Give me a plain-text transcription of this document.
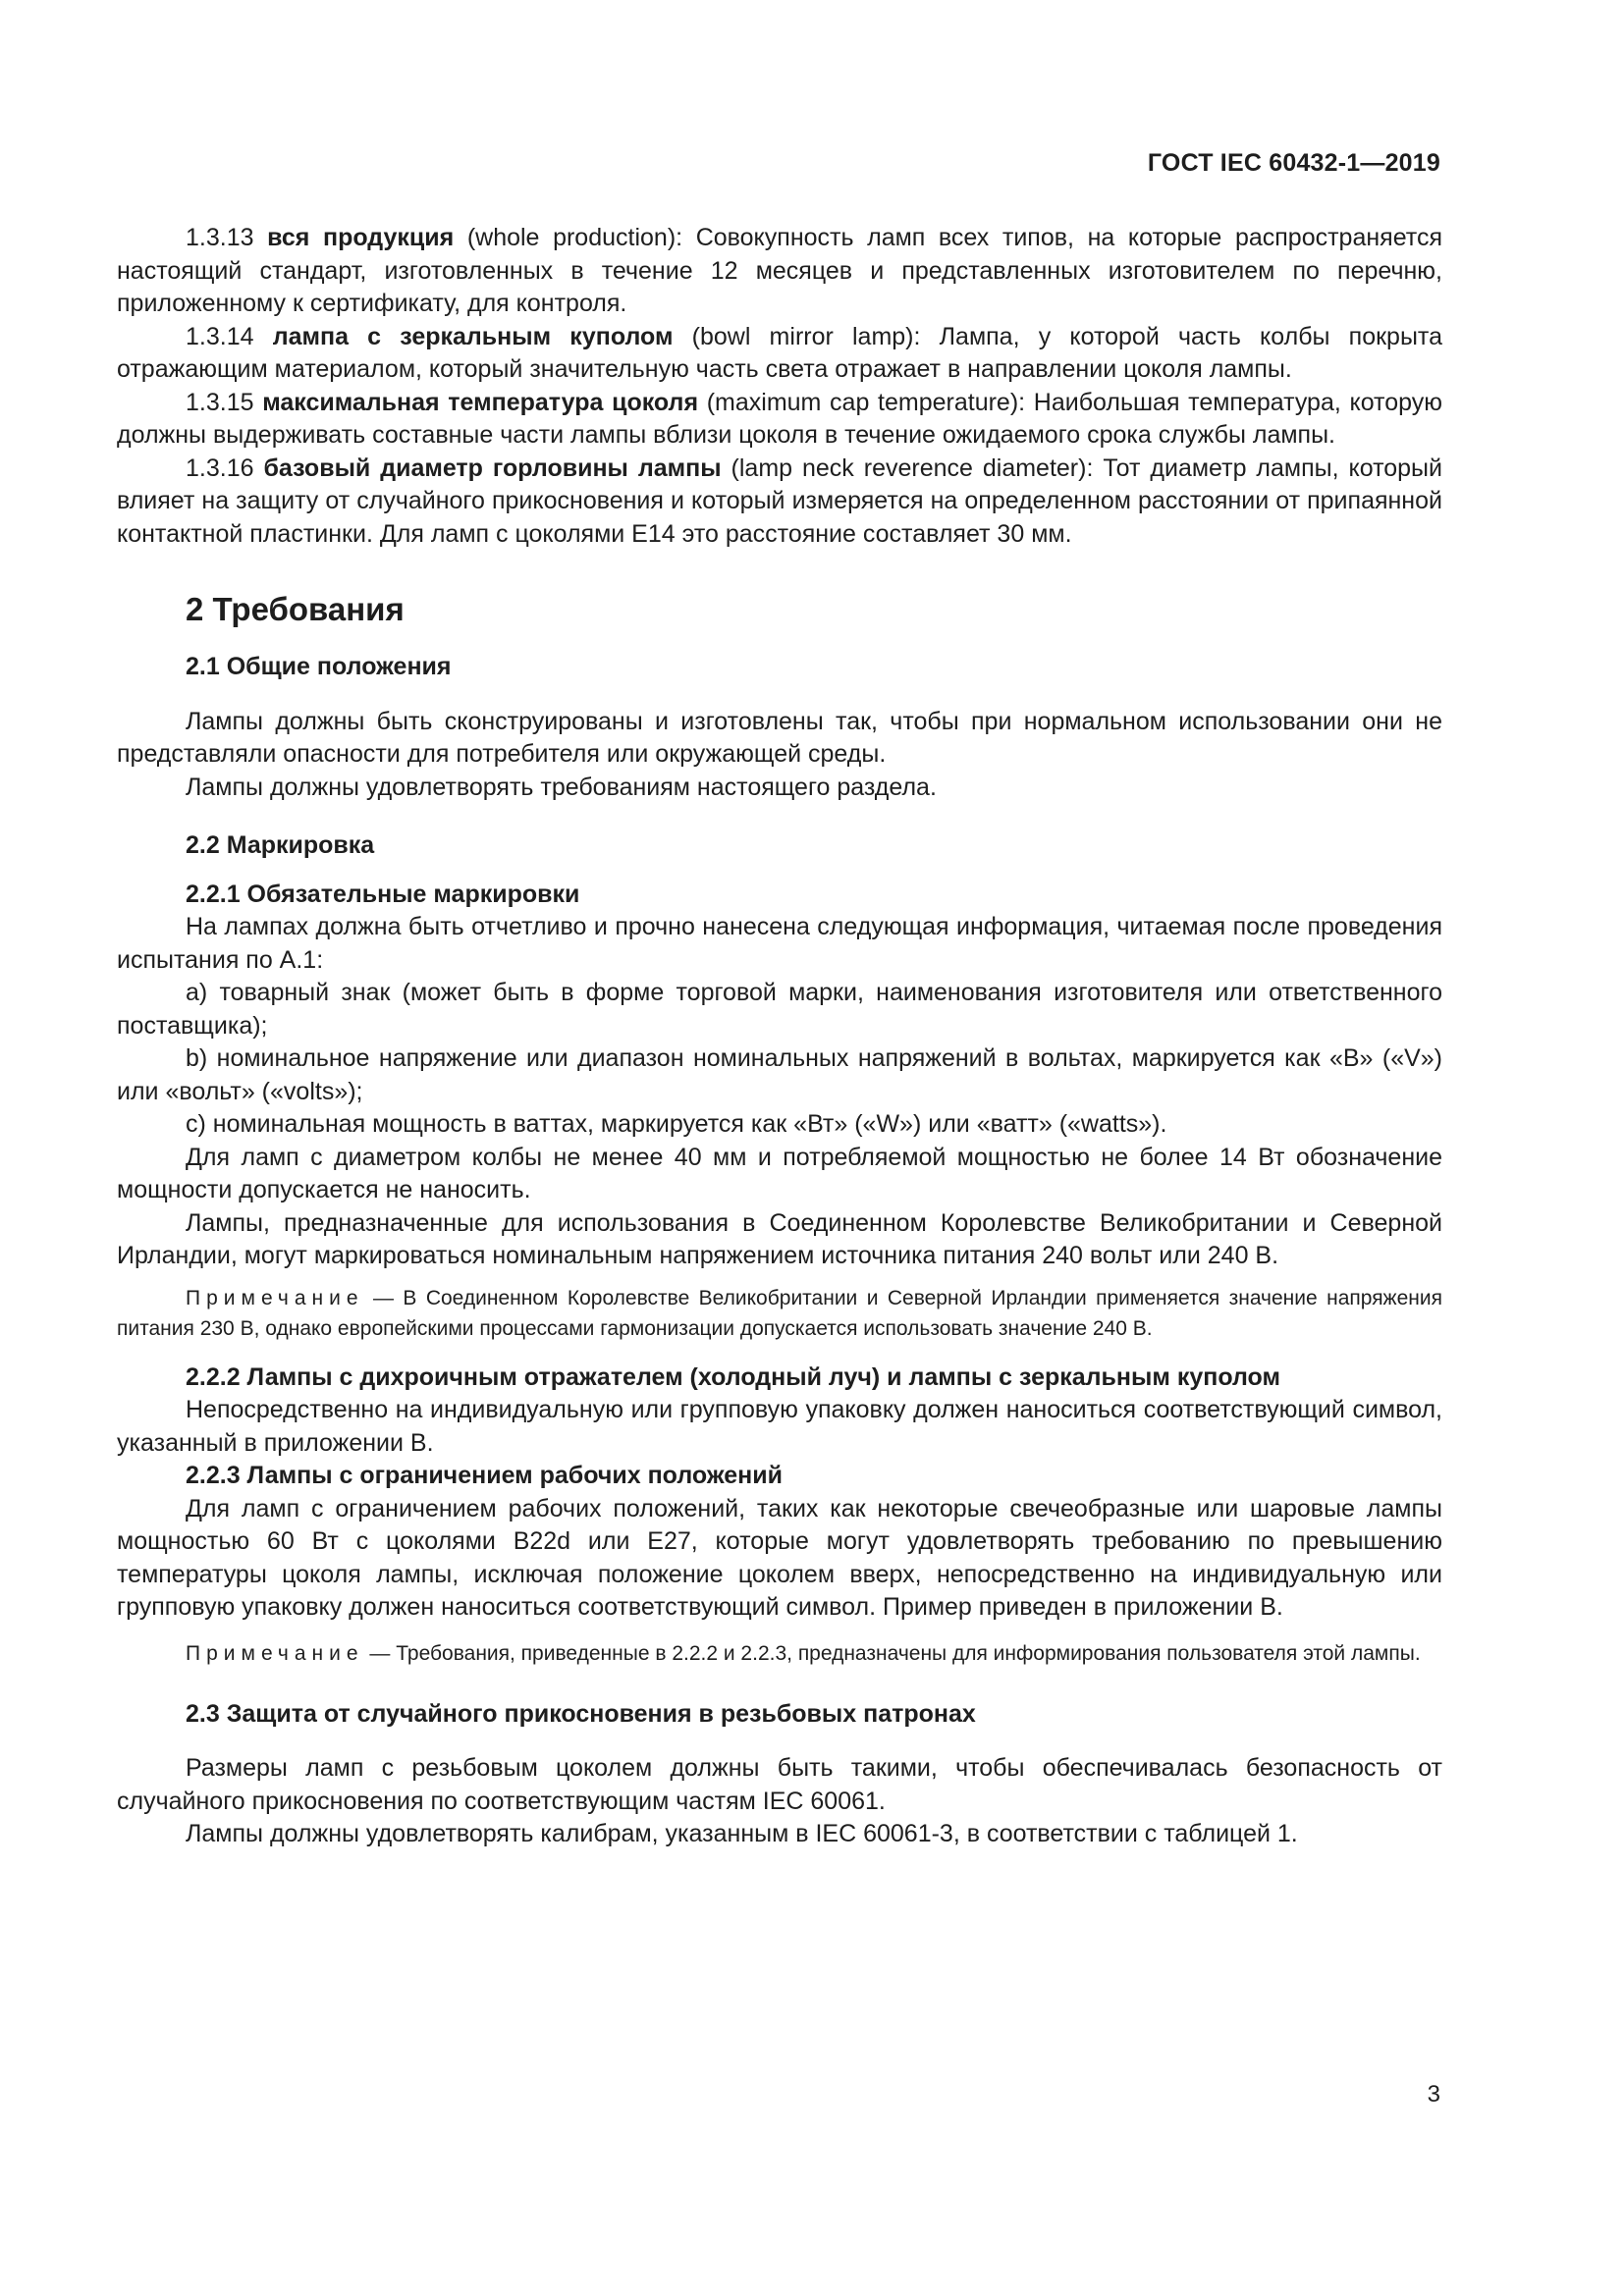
ГОСТ IEC 60432-1—2019

1.3.13 вся продукция (whole production): Совокупность ламп всех типов, на которые распространяется настоящий стандарт, изготовленных в течение 12 месяцев и представленных изготовителем по перечню, приложенному к сертификату, для контроля.

1.3.14 лампа с зеркальным куполом (bowl mirror lamp): Лампа, у которой часть колбы покрыта отражающим материалом, который значительную часть света отражает в направлении цоколя лампы.

1.3.15 максимальная температура цоколя (maximum cap temperature): Наибольшая температура, которую должны выдерживать составные части лампы вблизи цоколя в течение ожидаемого срока службы лампы.

1.3.16 базовый диаметр горловины лампы (lamp neck reverence diameter): Тот диаметр лампы, который влияет на защиту от случайного прикосновения и который измеряется на определенном расстоянии от припаянной контактной пластинки. Для ламп с цоколями Е14 это расстояние составляет 30 мм.

2 Требования
2.1 Общие положения

Лампы должны быть сконструированы и изготовлены так, чтобы при нормальном использовании они не представляли опасности для потребителя или окружающей среды.

Лампы должны удовлетворять требованиям настоящего раздела.

2.2 Маркировка
2.2.1 Обязательные маркировки

На лампах должна быть отчетливо и прочно нанесена следующая информация, читаемая после проведения испытания по А.1:

a) товарный знак (может быть в форме торговой марки, наименования изготовителя или ответственного поставщика);

b) номинальное напряжение или диапазон номинальных напряжений в вольтах, маркируется как «В» («V») или «вольт» («volts»);

c) номинальная мощность в ваттах, маркируется как «Вт» («W») или «ватт» («watts»).

Для ламп с диаметром колбы не менее 40 мм и потребляемой мощностью не более 14 Вт обозначение мощности допускается не наносить.

Лампы, предназначенные для использования в Соединенном Королевстве Великобритании и Северной Ирландии, могут маркироваться номинальным напряжением источника питания 240 вольт или 240 В.

Примечание — В Соединенном Королевстве Великобритании и Северной Ирландии применяется значение напряжения питания 230 В, однако европейскими процессами гармонизации допускается использовать значение 240 В.

2.2.2 Лампы с дихроичным отражателем (холодный луч) и лампы с зеркальным куполом

Непосредственно на индивидуальную или групповую упаковку должен наноситься соответствующий символ, указанный в приложении В.

2.2.3 Лампы с ограничением рабочих положений

Для ламп с ограничением рабочих положений, таких как некоторые свечеобразные или шаровые лампы мощностью 60 Вт с цоколями В22d или Е27, которые могут удовлетворять требованию по превышению температуры цоколя лампы, исключая положение цоколем вверх, непосредственно на индивидуальную или групповую упаковку должен наноситься соответствующий символ. Пример приведен в приложении В.

Примечание — Требования, приведенные в 2.2.2 и 2.2.3, предназначены для информирования пользователя этой лампы.

2.3 Защита от случайного прикосновения в резьбовых патронах

Размеры ламп с резьбовым цоколем должны быть такими, чтобы обеспечивалась безопасность от случайного прикосновения по соответствующим частям IEC 60061.

Лампы должны удовлетворять калибрам, указанным в IEC 60061-3, в соответствии с таблицей 1.

3
